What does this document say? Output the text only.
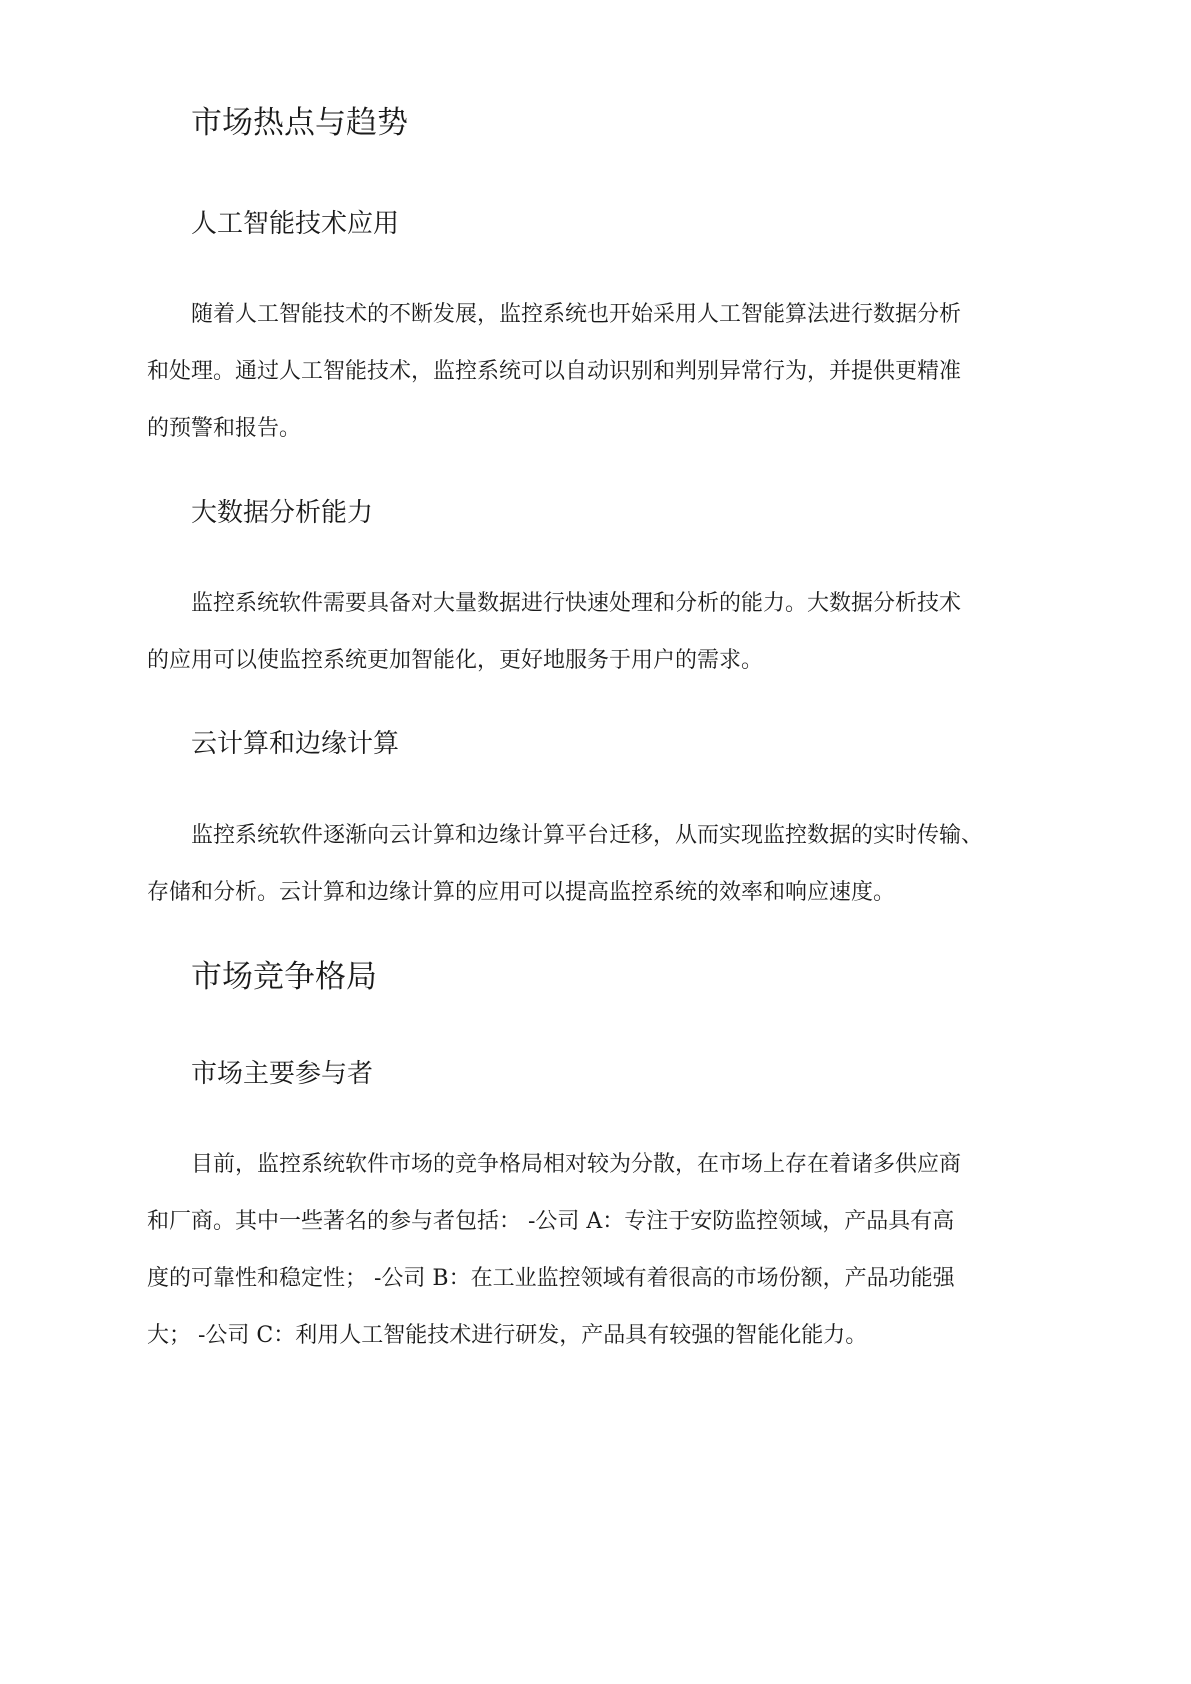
市场热点与趋势
人工智能技术应用
随着人工智能技术的不断发展，监控系统也开始采用人工智能算法进行数据分析
和处理。通过人工智能技术，监控系统可以自动识别和判别异常行为，并提供更精准
的预警和报告。
大数据分析能力
监控系统软件需要具备对大量数据进行快速处理和分析的能力。大数据分析技术
的应用可以使监控系统更加智能化，更好地服务于用户的需求。
云计算和边缘计算
监控系统软件逐渐向云计算和边缘计算平台迁移，从而实现监控数据的实时传输、
存储和分析。云计算和边缘计算的应用可以提高监控系统的效率和响应速度。
市场竞争格局
市场主要参与者
目前，监控系统软件市场的竞争格局相对较为分散，在市场上存在着诸多供应商
和厂商。其中一些著名的参与者包括： -公司 A：专注于安防监控领域，产品具有高
度的可靠性和稳定性； -公司 B：在工业监控领域有着很高的市场份额，产品功能强
大； -公司 C：利用人工智能技术进行研发，产品具有较强的智能化能力。
